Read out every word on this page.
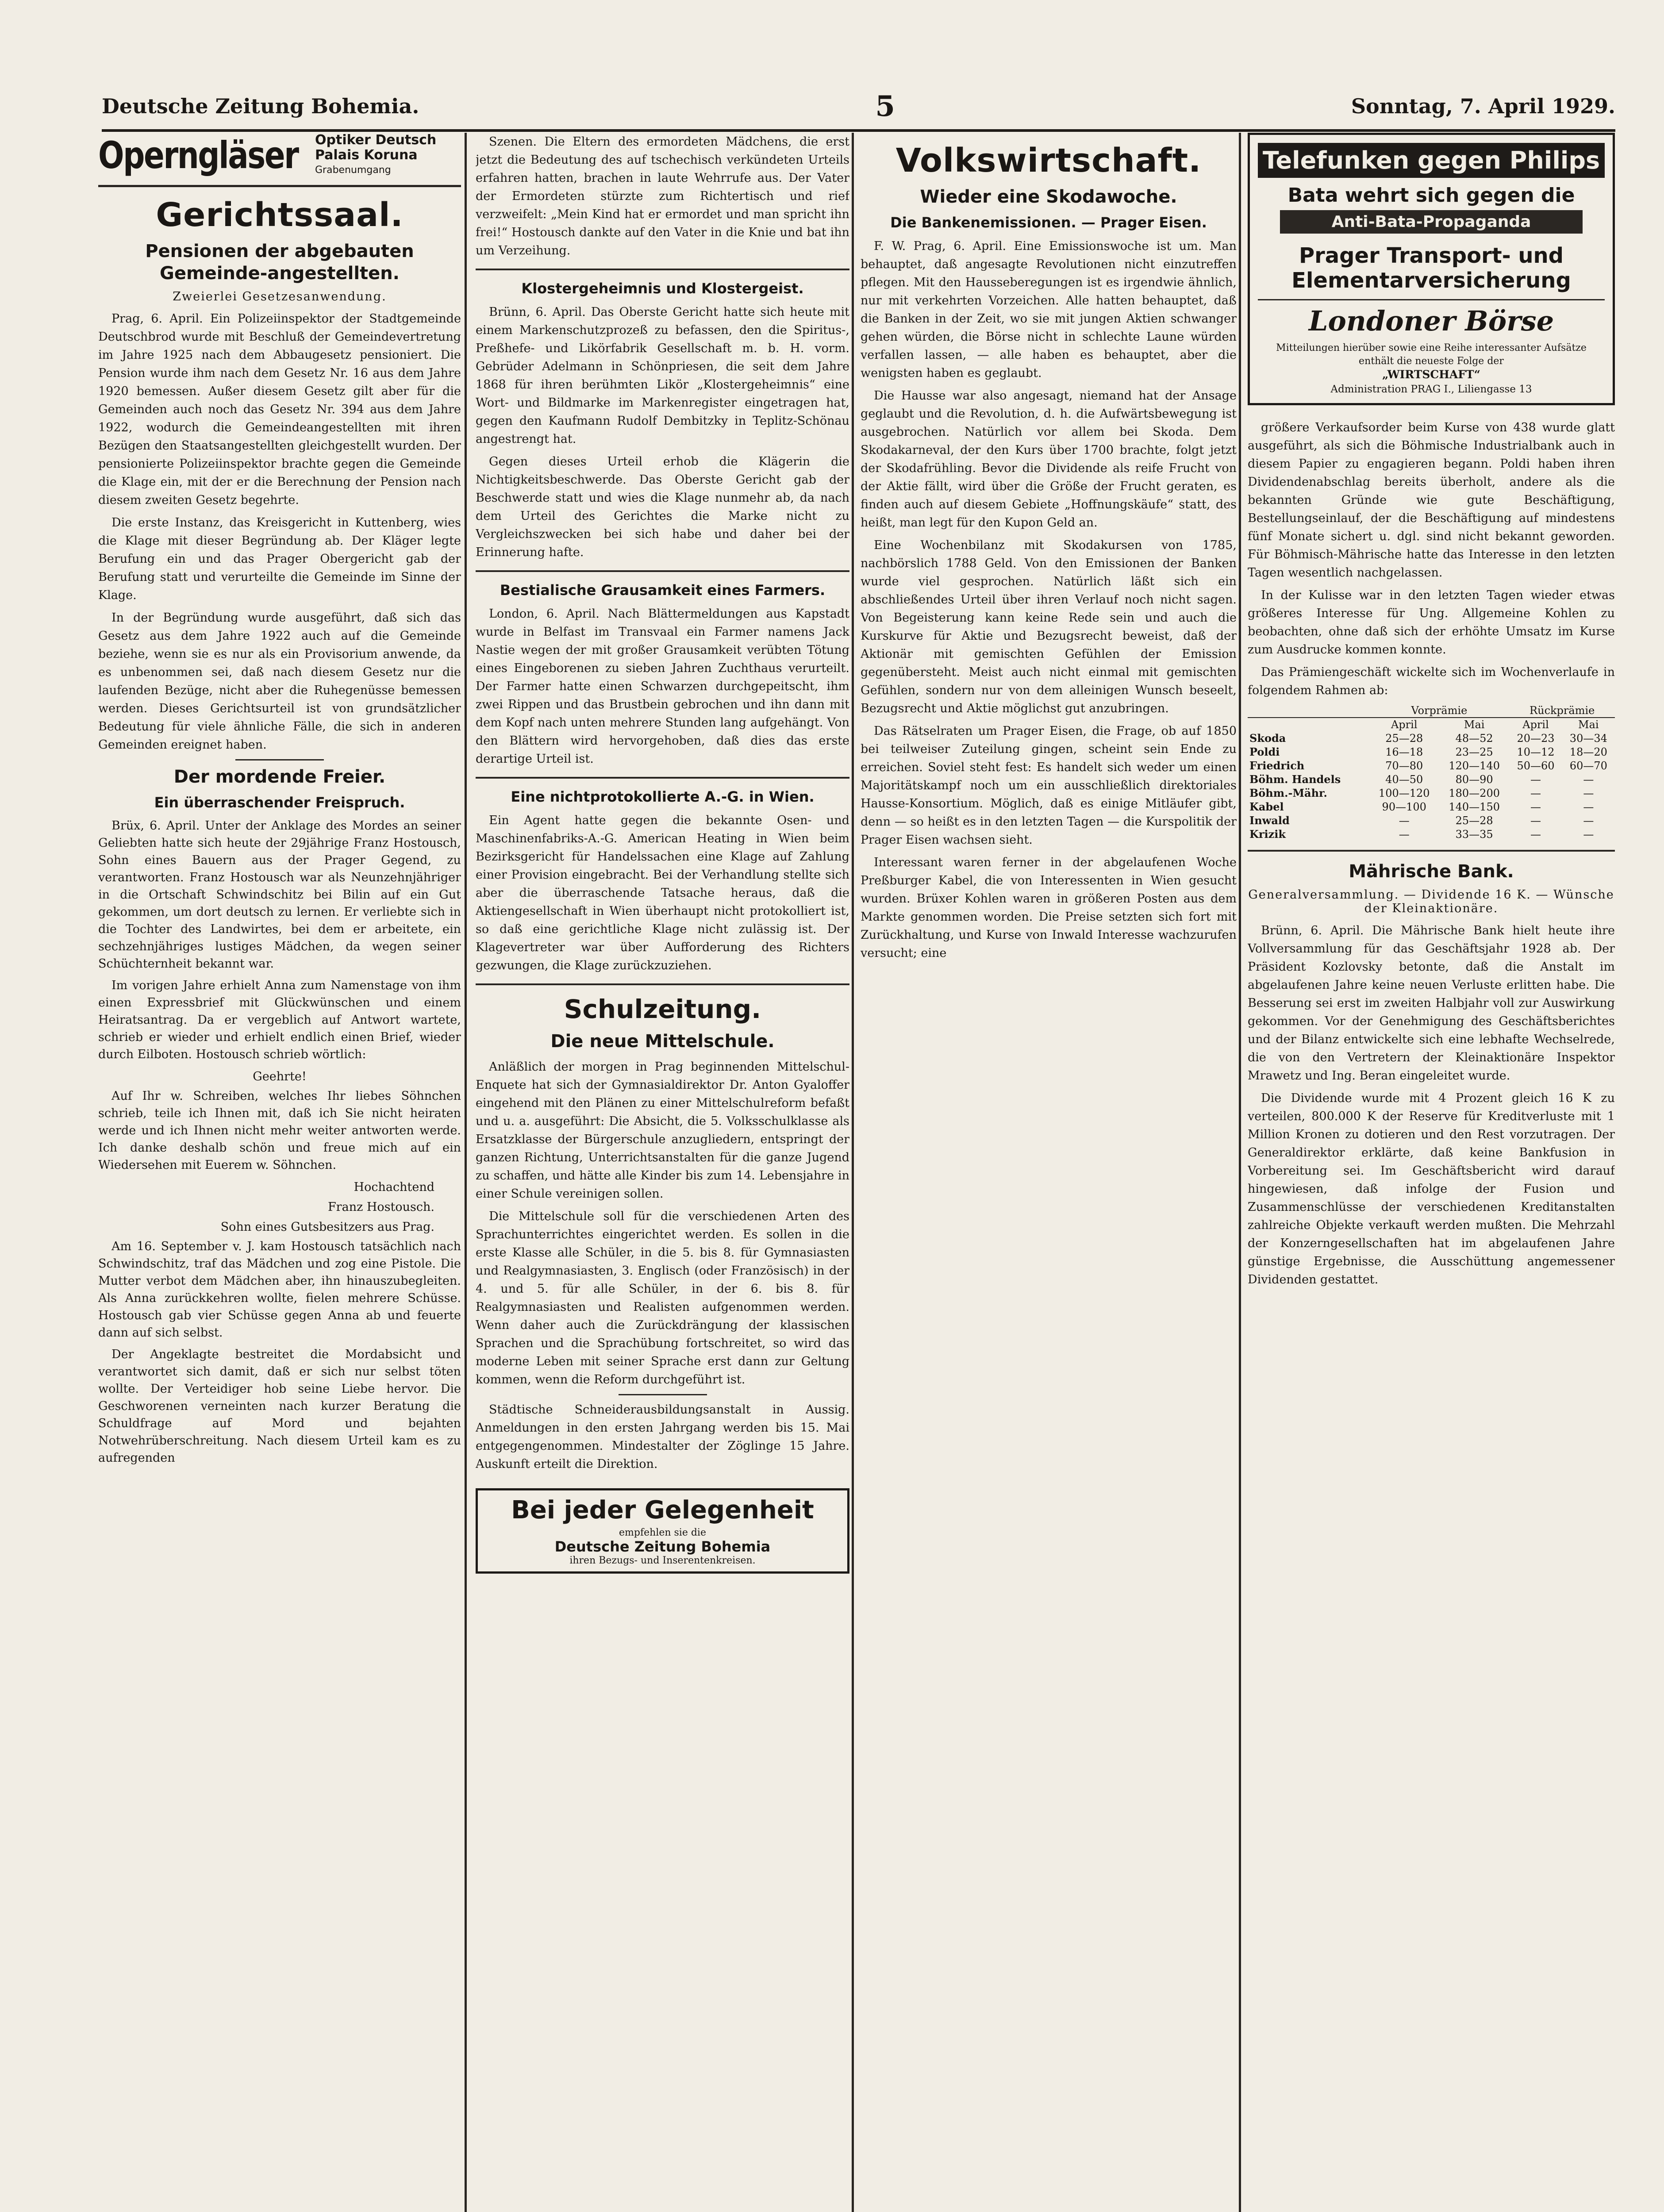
Deutsche Zeitung Bohemia.	5	Sonntag, 7. April 1929.
Operngläser Optiker Deutsch
Palais Koruna
Grabenumgang
Gerichtssaal.
Pensionen der abgebauten Gemeinde-angestellten.
Zweierlei Gesetzesanwendung.

Prag, 6. April. Ein Polizeiinspektor der Stadtgemeinde Deutschbrod wurde mit Beschluß der Gemeindevertretung im Jahre 1925 nach dem Abbaugesetz pensioniert. Die Pension wurde ihm nach dem Gesetz Nr. 16 aus dem Jahre 1920 bemessen. Außer diesem Gesetz gilt aber für die Gemeinden auch noch das Gesetz Nr. 394 aus dem Jahre 1922, wodurch die Gemeindeangestellten mit ihren Bezügen den Staatsangestellten gleichgestellt wurden. Der pensionierte Polizeiinspektor brachte gegen die Gemeinde die Klage ein, mit der er die Berechnung der Pension nach diesem zweiten Gesetz begehrte.

Die erste Instanz, das Kreisgericht in Kuttenberg, wies die Klage mit dieser Begründung ab. Der Kläger legte Berufung ein und das Prager Obergericht gab der Berufung statt und verurteilte die Gemeinde im Sinne der Klage.

In der Begründung wurde ausgeführt, daß sich das Gesetz aus dem Jahre 1922 auch auf die Gemeinde beziehe, wenn sie es nur als ein Provisorium anwende, da es unbenommen sei, daß nach diesem Gesetz nur die laufenden Bezüge, nicht aber die Ruhegenüsse bemessen werden. Dieses Gerichtsurteil ist von grundsätzlicher Bedeutung für viele ähnliche Fälle, die sich in anderen Gemeinden ereignet haben.

Der mordende Freier.
Ein überraschender Freispruch.

Brüx, 6. April. Unter der Anklage des Mordes an seiner Geliebten hatte sich heute der 29jährige Franz Hostousch, Sohn eines Bauern aus der Prager Gegend, zu verantworten. Franz Hostousch war als Neunzehnjähriger in die Ortschaft Schwindschitz bei Bilin auf ein Gut gekommen, um dort deutsch zu lernen. Er verliebte sich in die Tochter des Landwirtes, bei dem er arbeitete, ein sechzehnjähriges lustiges Mädchen, da wegen seiner Schüchternheit bekannt war.

Im vorigen Jahre erhielt Anna zum Namenstage von ihm einen Expressbrief mit Glückwünschen und einem Heiratsantrag. Da er vergeblich auf Antwort wartete, schrieb er wieder und erhielt endlich einen Brief, wieder durch Eilboten. Hostousch schrieb wörtlich:

Geehrte!

Auf Ihr w. Schreiben, welches Ihr liebes Söhnchen schrieb, teile ich Ihnen mit, daß ich Sie nicht heiraten werde und ich Ihnen nicht mehr weiter antworten werde. Ich danke deshalb schön und freue mich auf ein Wiedersehen mit Euerem w. Söhnchen.

Hochachtend
Franz Hostousch.
Sohn eines Gutsbesitzers aus Prag.

Am 16. September v. J. kam Hostousch tatsächlich nach Schwindschitz, traf das Mädchen und zog eine Pistole. Die Mutter verbot dem Mädchen aber, ihn hinauszubegleiten. Als Anna zurückkehren wollte, fielen mehrere Schüsse. Hostousch gab vier Schüsse gegen Anna ab und feuerte dann auf sich selbst.

Der Angeklagte bestreitet die Mordabsicht und verantwortet sich damit, daß er sich nur selbst töten wollte. Der Verteidiger hob seine Liebe hervor. Die Geschworenen verneinten nach kurzer Beratung die Schuldfrage auf Mord und bejahten Notwehrüberschreitung. Nach diesem Urteil kam es zu aufregenden

Szenen. Die Eltern des ermordeten Mädchens, die erst jetzt die Bedeutung des auf tschechisch verkündeten Urteils erfahren hatten, brachen in laute Wehrrufe aus. Der Vater der Ermordeten stürzte zum Richtertisch und rief verzweifelt: „Mein Kind hat er ermordet und man spricht ihn frei!“ Hostousch dankte auf den Vater in die Knie und bat ihn um Verzeihung.

Klostergeheimnis und Klostergeist.

Brünn, 6. April. Das Oberste Gericht hatte sich heute mit einem Markenschutzprozeß zu befassen, den die Spiritus-, Preßhefe- und Likörfabrik Gesellschaft m. b. H. vorm. Gebrüder Adelmann in Schönpriesen, die seit dem Jahre 1868 für ihren berühmten Likör „Klostergeheimnis“ eine Wort- und Bildmarke im Markenregister eingetragen hat, gegen den Kaufmann Rudolf Dembitzky in Teplitz-Schönau angestrengt hat.

Gegen dieses Urteil erhob die Klägerin die Nichtigkeitsbeschwerde. Das Oberste Gericht gab der Beschwerde statt und wies die Klage nunmehr ab, da nach dem Urteil des Gerichtes die Marke nicht zu Vergleichszwecken bei sich habe und daher bei der Erinnerung hafte.

Bestialische Grausamkeit eines Farmers.

London, 6. April. Nach Blättermeldungen aus Kapstadt wurde in Belfast im Transvaal ein Farmer namens Jack Nastie wegen der mit großer Grausamkeit verübten Tötung eines Eingeborenen zu sieben Jahren Zuchthaus verurteilt. Der Farmer hatte einen Schwarzen durchgepeitscht, ihm zwei Rippen und das Brustbein gebrochen und ihn dann mit dem Kopf nach unten mehrere Stunden lang aufgehängt. Von den Blättern wird hervorgehoben, daß dies das erste derartige Urteil ist.

Eine nichtprotokollierte A.-G. in Wien.

Ein Agent hatte gegen die bekannte Osen- und Maschinenfabriks-A.-G. American Heating in Wien beim Bezirksgericht für Handelssachen eine Klage auf Zahlung einer Provision eingebracht. Bei der Verhandlung stellte sich aber die überraschende Tatsache heraus, daß die Aktiengesellschaft in Wien überhaupt nicht protokolliert ist, so daß eine gerichtliche Klage nicht zulässig ist. Der Klagevertreter war über Aufforderung des Richters gezwungen, die Klage zurückzuziehen.

Schulzeitung.
Die neue Mittelschule.

Anläßlich der morgen in Prag beginnenden Mittelschul-Enquete hat sich der Gymnasialdirektor Dr. Anton Gyaloffer eingehend mit den Plänen zu einer Mittelschulreform befaßt und u. a. ausgeführt: Die Absicht, die 5. Volksschulklasse als Ersatzklasse der Bürgerschule anzugliedern, entspringt der ganzen Richtung, Unterrichtsanstalten für die ganze Jugend zu schaffen, und hätte alle Kinder bis zum 14. Lebensjahre in einer Schule vereinigen sollen.

Die Mittelschule soll für die verschiedenen Arten des Sprachunterrichtes eingerichtet werden. Es sollen in die erste Klasse alle Schüler, in die 5. bis 8. für Gymnasiasten und Realgymnasiasten, 3. Englisch (oder Französisch) in der 4. und 5. für alle Schüler, in der 6. bis 8. für Realgymnasiasten und Realisten aufgenommen werden. Wenn daher auch die Zurückdrängung der klassischen Sprachen und die Sprachübung fortschreitet, so wird das moderne Leben mit seiner Sprache erst dann zur Geltung kommen, wenn die Reform durchgeführt ist.

Städtische Schneiderausbildungsanstalt in Aussig. Anmeldungen in den ersten Jahrgang werden bis 15. Mai entgegengenommen. Mindestalter der Zöglinge 15 Jahre. Auskunft erteilt die Direktion.

Bei jeder Gelegenheit
empfehlen sie die
Deutsche Zeitung Bohemia
ihren Bezugs- und Inserentenkreisen.
Volkswirtschaft.
Wieder eine Skodawoche.
Die Bankenemissionen. — Prager Eisen.

F. W. Prag, 6. April. Eine Emissionswoche ist um. Man behauptet, daß angesagte Revolutionen nicht einzutreffen pflegen. Mit den Hausseberegungen ist es irgendwie ähnlich, nur mit verkehrten Vorzeichen. Alle hatten behauptet, daß die Banken in der Zeit, wo sie mit jungen Aktien schwanger gehen würden, die Börse nicht in schlechte Laune würden verfallen lassen, — alle haben es behauptet, aber die wenigsten haben es geglaubt.

Die Hausse war also angesagt, niemand hat der Ansage geglaubt und die Revolution, d. h. die Aufwärtsbewegung ist ausgebrochen. Natürlich vor allem bei Skoda. Dem Skodakarneval, der den Kurs über 1700 brachte, folgt jetzt der Skodafrühling. Bevor die Dividende als reife Frucht von der Aktie fällt, wird über die Größe der Frucht geraten, es finden auch auf diesem Gebiete „Hoffnungskäufe“ statt, des heißt, man legt für den Kupon Geld an.

Eine Wochenbilanz mit Skodakursen von 1785, nachbörslich 1788 Geld. Von den Emissionen der Banken wurde viel gesprochen. Natürlich läßt sich ein abschließendes Urteil über ihren Verlauf noch nicht sagen. Von Begeisterung kann keine Rede sein und auch die Kurskurve für Aktie und Bezugsrecht beweist, daß der Aktionär mit gemischten Gefühlen der Emission gegenübersteht. Meist auch nicht einmal mit gemischten Gefühlen, sondern nur von dem alleinigen Wunsch beseelt, Bezugsrecht und Aktie möglichst gut anzubringen.

Das Rätselraten um Prager Eisen, die Frage, ob auf 1850 bei teilweiser Zuteilung gingen, scheint sein Ende zu erreichen. Soviel steht fest: Es handelt sich weder um einen Majoritätskampf noch um ein ausschließlich direktoriales Hausse-Konsortium. Möglich, daß es einige Mitläufer gibt, denn — so heißt es in den letzten Tagen — die Kurspolitik der Prager Eisen wachsen sieht.

Interessant waren ferner in der abgelaufenen Woche Preßburger Kabel, die von Interessenten in Wien gesucht wurden. Brüxer Kohlen waren in größeren Posten aus dem Markte genommen worden. Die Preise setzten sich fort mit Zurückhaltung, und Kurse von Inwald Interesse wachzurufen versucht; eine

Telefunken gegen Philips
Bata wehrt sich gegen die
Anti-Bata-Propaganda
Prager Transport- und Elementarversicherung
Londoner Börse
Mitteilungen hierüber sowie eine Reihe interessanter Aufsätze enthält die neueste Folge der
„WIRTSCHAFT“
Administration PRAG I., Liliengasse 13

größere Verkaufsorder beim Kurse von 438 wurde glatt ausgeführt, als sich die Böhmische Industrialbank auch in diesem Papier zu engagieren begann. Poldi haben ihren Dividendenabschlag bereits überholt, andere als die bekannten Gründe wie gute Beschäftigung, Bestellungseinlauf, der die Beschäftigung auf mindestens fünf Monate sichert u. dgl. sind nicht bekannt geworden. Für Böhmisch-Mährische hatte das Interesse in den letzten Tagen wesentlich nachgelassen.

In der Kulisse war in den letzten Tagen wieder etwas größeres Interesse für Ung. Allgemeine Kohlen zu beobachten, ohne daß sich der erhöhte Umsatz im Kurse zum Ausdrucke kommen konnte.

Das Prämiengeschäft wickelte sich im Wochenverlaufe in folgendem Rahmen ab:

	Vorprämie		Rückprämie	
	April	Mai	April	Mai
Skoda	25—28	48—52	20—23	30—34
Poldi	16—18	23—25	10—12	18—20
Friedrich	70—80	120—140	50—60	60—70
Böhm. Handels	40—50	80—90	—	—
Böhm.-Mähr.	100—120	180—200	—	—
Kabel	90—100	140—150	—	—
Inwald	—	25—28	—	—
Krizik	—	33—35	—	—
Mährische Bank.
Generalversammlung. — Dividende 16 K. — Wünsche der Kleinaktionäre.

Brünn, 6. April. Die Mährische Bank hielt heute ihre Vollversammlung für das Geschäftsjahr 1928 ab. Der Präsident Kozlovsky betonte, daß die Anstalt im abgelaufenen Jahre keine neuen Verluste erlitten habe. Die Besserung sei erst im zweiten Halbjahr voll zur Auswirkung gekommen. Vor der Genehmigung des Geschäftsberichtes und der Bilanz entwickelte sich eine lebhafte Wechselrede, die von den Vertretern der Kleinaktionäre Inspektor Mrawetz und Ing. Beran eingeleitet wurde.

Die Dividende wurde mit 4 Prozent gleich 16 K zu verteilen, 800.000 K der Reserve für Kreditverluste mit 1 Million Kronen zu dotieren und den Rest vorzutragen. Der Generaldirektor erklärte, daß keine Bankfusion in Vorbereitung sei. Im Geschäftsbericht wird darauf hingewiesen, daß infolge der Fusion und Zusammenschlüsse der verschiedenen Kreditanstalten zahlreiche Objekte verkauft werden mußten. Die Mehrzahl der Konzerngesellschaften hat im abgelaufenen Jahre günstige Ergebnisse, die Ausschüttung angemessener Dividenden gestattet.
